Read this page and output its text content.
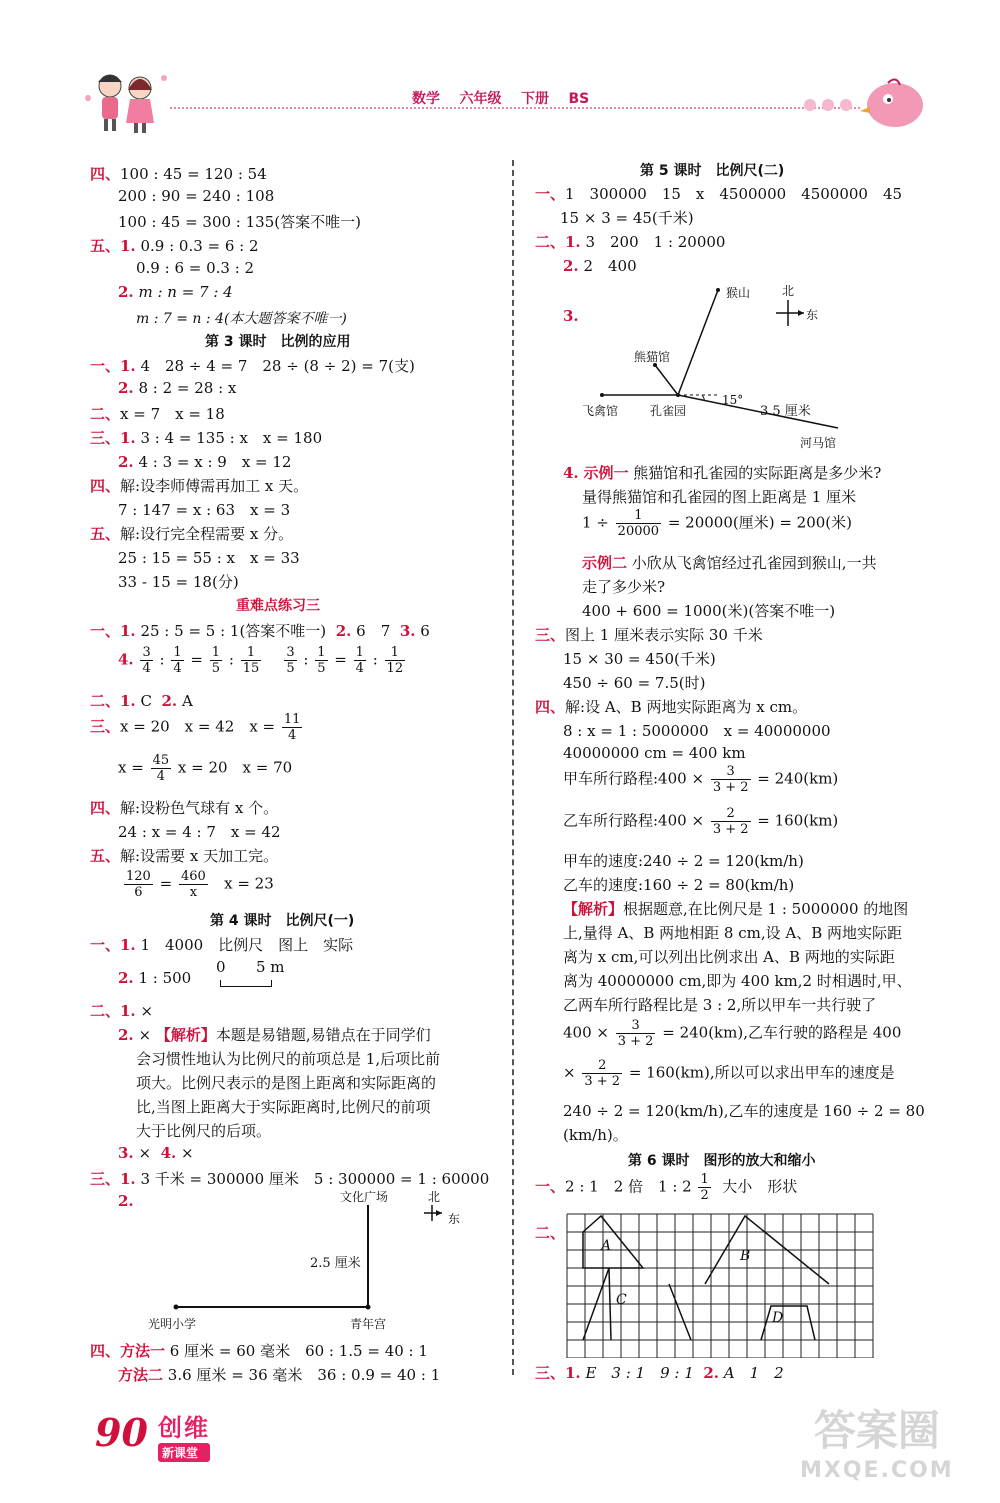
数学 六年级 下册 BS
四、100 : 45 = 120 : 54
200 : 90 = 240 : 108
100 : 45 = 300 : 135(答案不唯一)
五、1. 0.9 : 0.3 = 6 : 2
0.9 : 6 = 0.3 : 2
2. m : n = 7 : 4
m : 7 = n : 4(本大题答案不唯一)
第 3 课时　比例的应用
一、1. 4　28 ÷ 4 = 7　28 ÷ (8 ÷ 2) = 7(支)
2. 8 : 2 = 28 : x
二、x = 7　x = 18
三、1. 3 : 4 = 135 : x　x = 180
2. 4 : 3 = x : 9　x = 12
四、解:设李师傅需再加工 x 天。
7 : 147 = x : 63　x = 3
五、解:设行完全程需要 x 分。
25 : 15 = 55 : x　x = 33
33 - 15 = 18(分)
重难点练习三
一、1. 25 : 5 = 5 : 1(答案不唯一) 2. 6　7 3. 6
4. $\frac{3}{4}$ : $\frac{1}{4} = \frac{1}{5}$ : $\frac{1}{15}$
$\frac{3}{5}$ : $\frac{1}{5} = \frac{1}{4}$ : $\frac{1}{12}$
二、1. C 2. A
三、x = 20　x = 42　$x = \frac{11}{4}$
$x = \frac{45}{4}$ x = 20　x = 70
四、解:设粉色气球有 x 个。
24 : x = 4 : 7　x = 42
五、解:设需要 x 天加工完。
$\frac{120}{6} = \frac{460}{x}$ x = 23
第 4 课时　比例尺(一)
一、1. 1　4000　比例尺　图上　实际
2. 1 : 500
0 5 m
二、1. ×
2. × 【解析】本题是易错题,易错点在于同学们
会习惯性地认为比例尺的前项总是 1,后项比前
项大。比例尺表示的是图上距离和实际距离的
比,当图上距离大于实际距离时,比例尺的前项
大于比例尺的后项。
3. × 4. ×
三、1. 3 千米 = 300000 厘米　5 : 300000 = 1 : 60000
2.	文化广场	北
东
2.5 厘米
光明小学	青年宫
四、方法一 6 厘米 = 60 毫米　60 : 1.5 = 40 : 1
方法二 3.6 厘米 = 36 毫米　36 : 0.9 = 40 : 1
第 5 课时　比例尺(二)
一、1　300000　15　x　4500000　4500000　45
15 × 3 = 45(千米)
二、1. 3　200　1 : 20000
2. 2　400
3.
猴山	北
东
熊猫馆
飞禽馆	孔雀园
15°
3.5 厘米
河马馆
4. 示例一 熊猫馆和孔雀园的实际距离是多少米?
量得熊猫馆和孔雀园的图上距离是 1 厘米
$1 \div \frac{1}{20000} = 20000$(厘米) = 200(米)
示例二 小欣从飞禽馆经过孔雀园到猴山,一共
走了多少米?
400 + 600 = 1000(米)(答案不唯一)
三、图上 1 厘米表示实际 30 千米
15 × 30 = 450(千米)
450 ÷ 60 = 7.5(时)
四、解:设 A、B 两地实际距离为 x cm。
8 : x = 1 : 5000000　x = 40000000
40000000 cm = 400 km
甲车所行路程:400 × $\frac{3}{3 + 2} = 240(km)$
乙车所行路程:400 × $\frac{2}{3 + 2} = 160(km)$
甲车的速度:240 ÷ 2 = 120(km/h)
乙车的速度:160 ÷ 2 = 80(km/h)
【解析】根据题意,在比例尺是 1 : 5000000 的地图
上,量得 A、B 两地相距 8 cm,设 A、B 两地实际距
离为 x cm,可以列出比例求出 A、B 两地的实际距
离为 40000000 cm,即为 400 km,2 时相遇时,甲、
乙两车所行路程比是 3 : 2,所以甲车一共行驶了
$400 \times \frac{3}{3 + 2} = 240(km)$,乙车行驶的路程是 400
× $\frac{2}{3 + 2} = 160(km)$,所以可以求出甲车的速度是
240 ÷ 2 = 120(km/h),乙车的速度是 160 ÷ 2 = 80
(km/h)。
第 6 课时　图形的放大和缩小
一、2 : 1　2 倍　1 : $2 \frac{1}{2}$ 大小　形状
二、
A
B
C
D
三、1. E　3 : 1　9 : 1 2. A　1　2
90 创维
新课堂	答案圈
MXQE.COM
